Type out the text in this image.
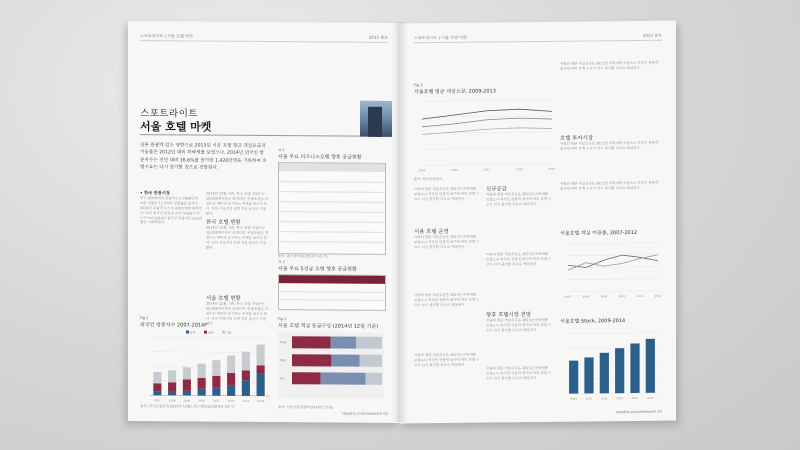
스포트라이트 | 서울 호텔 마켓	2015 봄호
스포트라이트
서울 호텔 마켓
실론 관광객 감소 영향으로 2013년 서울 호텔 평균 객실요금과 가동률은 2012년 대비 하락세를 보였으나, 2014년 외국인 방문자수는 전년 대비 16.6%를 증가한 1,420만명을 기록하며 호텔수요는 다시 증가할 것으로 전망된다.
• 한국 관광시장
한국 방한외래객 관광객수는 2000년대 초반 연평균 12.5%의 성장률을 보이며 2014년 관광객 수가 1,420만명에 달하였다. 특히 중국인 방문객 수의 성장률이 두드러지며 2014년 중국인 관광객은 612만명을 기록하였다.
2014년 12월 기준, 한국 호텔 객실수는 10,000개이하로 집계되며, 관광호텔업 객실수는 해마다 증가하는 추세를 보이고 있다. 특히 서울지역 호텔 객실 공급이 가장 많다.
한국 호텔 현황
2014년 12월 기준, 한국 호텔 객실수는 10,000개이하로 집계되며, 관광호텔업 객실수는 해마다 증가하는 추세를 보이고 있다. 특히 서울지역 호텔 객실 공급이 가장 많다.
서울 호텔 현황
2014년 12월 기준, 한국 호텔 객실수는 10,000개이하로 집계되며, 관광호텔업 객실수는 해마다 증가하는 추세를 보이고 있다. 특히 서울지역 호텔 객실 공급이 가장 많다.
Fig 1
외국인 방문자수 2007-2014F
2007	2008	2009	2010	2011	2012	2013	2014F
중국	일본	기타
출처: 한국관광공사(2014년 12월), 존스랭라살(2014년 4분기)
표 1
서울 주요 비즈니스호텔 향후 공급현황
출처: 존스랭라살(2014년 4분기)
표 2
서울 주요 5성급 호텔 향후 공급현황
Fig 2
서울 호텔 객실 등급구성 (2014년 12월 기준)
특1급
특2급
1급
출처: 서울시관광협회(2014년 12월)
seoulhs.co.kr/research 02
스포트라이트 | 서울 호텔 마켓	2015 봄호
Fig 3
서울호텔 평균 객실요금, 2009-2013
2009	2010	2011	2012	2013
출처: 한국관광공사
서울의 평균 객실요금은 2013년 하락세를 보였으나 외국인 관광객 증가에 따라 호텔 수요가 다시 증가할 것으로 예상된다.
서울 호텔 운영
서울의 평균 객실요금은 2013년 하락세를 보였으나 외국인 관광객 증가에 따라 호텔 수요가 다시 증가할 것으로 예상된다.
서울의 평균 객실요금은 2013년 하락세를 보였으나 외국인 관광객 증가에 따라 호텔 수요가 다시 증가할 것으로 예상된다.
서울의 평균 객실요금은 2013년 하락세를 보였으나 외국인 관광객 증가에 따라 호텔 수요가 다시 증가할 것으로 예상된다.
신규공급
서울의 평균 객실요금은 2013년 하락세를 보였으나 외국인 관광객 증가에 따라 호텔 수요가 다시 증가할 것으로 예상된다.
서울의 평균 객실요금은 2013년 하락세를 보였으나 외국인 관광객 증가에 따라 호텔 수요가 다시 증가할 것으로 예상된다.
향후 호텔시장 전망
서울의 평균 객실요금은 2013년 하락세를 보였으나 외국인 관광객 증가에 따라 호텔 수요가 다시 증가할 것으로 예상된다.
서울의 평균 객실요금은 2013년 하락세를 보였으나 외국인 관광객 증가에 따라 호텔 수요가 다시 증가할 것으로 예상된다.
서울의 평균 객실요금은 2013년 하락세를 보였으나 외국인 관광객 증가에 따라 호텔 수요가 다시 증가할 것으로 예상된다.
호텔 투자시장
서울의 평균 객실요금은 2013년 하락세를 보였으나 외국인 관광객 증가에 따라 호텔 수요가 다시 증가할 것으로 예상된다.
서울의 평균 객실요금은 2013년 하락세를 보였으나 외국인 관광객 증가에 따라 호텔 수요가 다시 증가할 것으로 예상된다.
서울호텔 객실 이용률, 2007-2012
2007	2008	2009	2010	2011	2012
서울호텔 Stock, 2009-2014
2009	2010	2011	2012	2013	2014
seoulhs.co.kr/research 03
